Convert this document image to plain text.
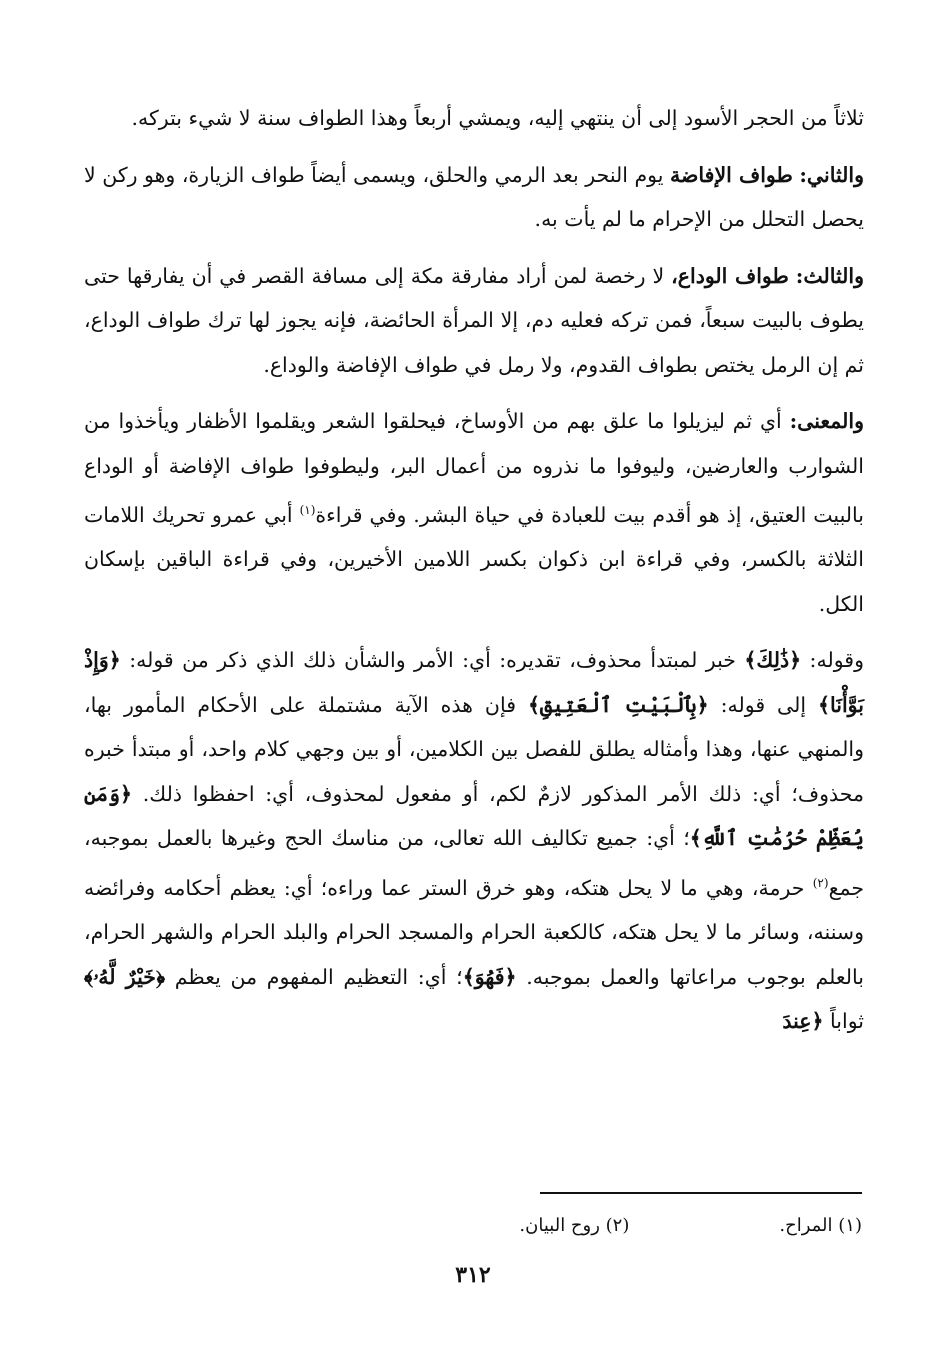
ثلاثاً من الحجر الأسود إلى أن ينتهي إليه، ويمشي أربعاً وهذا الطواف سنة لا شيء بتركه.

والثاني: طواف الإفاضة يوم النحر بعد الرمي والحلق، ويسمى أيضاً طواف الزيارة، وهو ركن لا يحصل التحلل من الإحرام ما لم يأت به.

والثالث: طواف الوداع، لا رخصة لمن أراد مفارقة مكة إلى مسافة القصر في أن يفارقها حتى يطوف بالبيت سبعاً، فمن تركه فعليه دم، إلا المرأة الحائضة، فإنه يجوز لها ترك طواف الوداع، ثم إن الرمل يختص بطواف القدوم، ولا رمل في طواف الإفاضة والوداع.

والمعنى: أي ثم ليزيلوا ما علق بهم من الأوساخ، فيحلقوا الشعر ويقلموا الأظفار ويأخذوا من الشوارب والعارضين، وليوفوا ما نذروه من أعمال البر، وليطوفوا طواف الإفاضة أو الوداع بالبيت العتيق، إذ هو أقدم بيت للعبادة في حياة البشر. وفي قراءة$^{(١)}$ أبي عمرو تحريك اللامات الثلاثة بالكسر، وفي قراءة ابن ذكوان بكسر اللامين الأخيرين، وفي قراءة الباقين بإسكان الكل.

وقوله: ﴿ذَٰلِكَ﴾ خبر لمبتدأ محذوف، تقديره: أي: الأمر والشأن ذلك الذي ذكر من قوله: ﴿وَإِذْ بَوَّأْنَا﴾ إلى قوله: ﴿بِٱلْبَيْتِ ٱلْعَتِيقِ﴾ فإن هذه الآية مشتملة على الأحكام المأمور بها، والمنهي عنها، وهذا وأمثاله يطلق للفصل بين الكلامين، أو بين وجهي كلام واحد، أو مبتدأ خبره محذوف؛ أي: ذلك الأمر المذكور لازمٌ لكم، أو مفعول لمحذوف، أي: احفظوا ذلك. ﴿وَمَن يُعَظِّمْ حُرُمَٰتِ ٱللَّهِ﴾؛ أي: جميع تكاليف الله تعالى، من مناسك الحج وغيرها بالعمل بموجبه، جمع$^{(٢)}$ حرمة، وهي ما لا يحل هتكه، وهو خرق الستر عما وراءه؛ أي: يعظم أحكامه وفرائضه وسننه، وسائر ما لا يحل هتكه، كالكعبة الحرام والمسجد الحرام والبلد الحرام والشهر الحرام، بالعلم بوجوب مراعاتها والعمل بموجبه. ﴿فَهُوَ﴾؛ أي: التعظيم المفهوم من يعظم ﴿خَيْرٌ لَّهُۥ﴾ ثواباً ﴿عِندَ

(١) المراح.
(٢) روح البيان.
٣١٢
